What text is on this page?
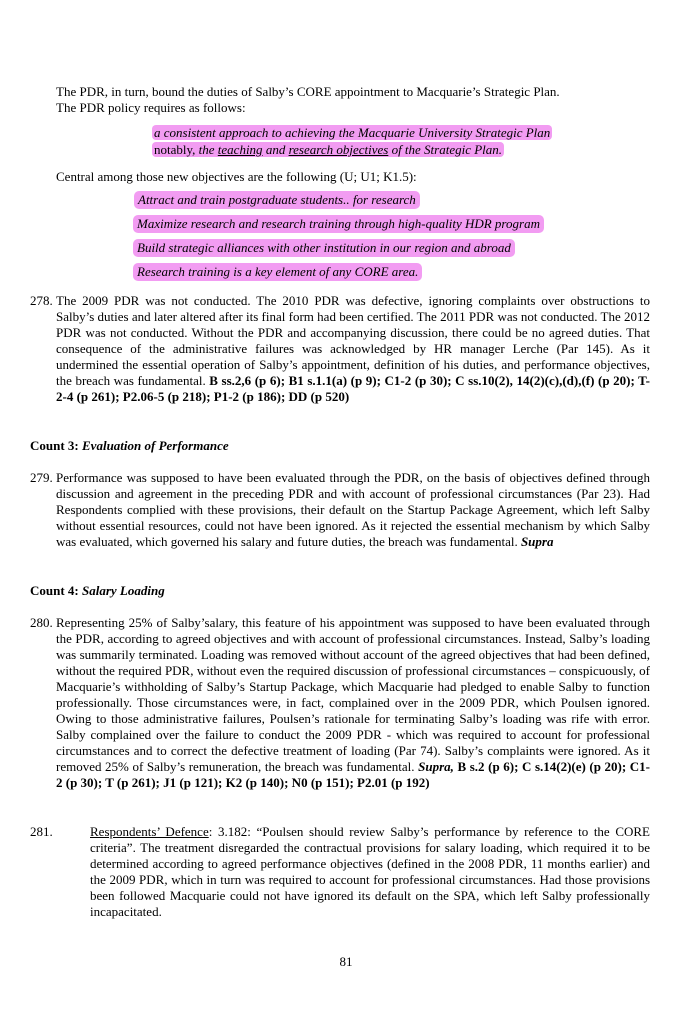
The PDR, in turn, bound the duties of Salby’s CORE appointment to Macquarie’s Strategic Plan.

The PDR policy requires as follows:

a consistent approach to achieving the Macquarie University Strategic Plan
notably, the teaching and research objectives of the Strategic Plan.

Central among those new objectives are the following (U; U1; K1.5):

Attract and train postgraduate students.. for research
Maximize research and research training through high-quality HDR program
Build strategic alliances with other institution in our region and abroad
Research training is a key element of any CORE area.
278. The 2009 PDR was not conducted. The 2010 PDR was defective, ignoring complaints over obstructions to Salby’s duties and later altered after its final form had been certified. The 2011 PDR was not conducted. The 2012 PDR was not conducted. Without the PDR and accompanying discussion, there could be no agreed duties. That consequence of the administrative failures was acknowledged by HR manager Lerche (Par 145). As it undermined the essential operation of Salby’s appointment, definition of his duties, and performance objectives, the breach was fundamental. B ss.2,6 (p 6); B1 s.1.1(a) (p 9); C1-2 (p 30); C ss.10(2), 14(2)(c),(d),(f) (p 20); T-2-4 (p 261); P2.06-5 (p 218); P1-2 (p 186); DD (p 520)

Count 3: Evaluation of Performance
279. Performance was supposed to have been evaluated through the PDR, on the basis of objectives defined through discussion and agreement in the preceding PDR and with account of professional circumstances (Par 23). Had Respondents complied with these provisions, their default on the Startup Package Agreement, which left Salby without essential resources, could not have been ignored. As it rejected the essential mechanism by which Salby was evaluated, which governed his salary and future duties, the breach was fundamental. Supra

Count 4: Salary Loading
280. Representing 25% of Salby’salary, this feature of his appointment was supposed to have been evaluated through the PDR, according to agreed objectives and with account of professional circumstances. Instead, Salby’s loading was summarily terminated. Loading was removed without account of the agreed objectives that had been defined, without the required PDR, without even the required discussion of professional circumstances – conspicuously, of Macquarie’s withholding of Salby’s Startup Package, which Macquarie had pledged to enable Salby to function professionally. Those circumstances were, in fact, complained over in the 2009 PDR, which Poulsen ignored. Owing to those administrative failures, Poulsen’s rationale for terminating Salby’s loading was rife with error. Salby complained over the failure to conduct the 2009 PDR - which was required to account for professional circumstances and to correct the defective treatment of loading (Par 74). Salby’s complaints were ignored. As it removed 25% of Salby’s remuneration, the breach was fundamental. Supra, B s.2 (p 6); C s.14(2)(e) (p 20); C1-2 (p 30); T (p 261); J1 (p 121); K2 (p 140); N0 (p 151); P2.01 (p 192)

281.	Respondents’ Defence: 3.182: “Poulsen should review Salby’s performance by reference to the CORE criteria”. The treatment disregarded the contractual provisions for salary loading, which required it to be determined according to agreed performance objectives (defined in the 2008 PDR, 11 months earlier) and the 2009 PDR, which in turn was required to account for professional circumstances. Had those provisions been followed Macquarie could not have ignored its default on the SPA, which left Salby professionally incapacitated.

81
